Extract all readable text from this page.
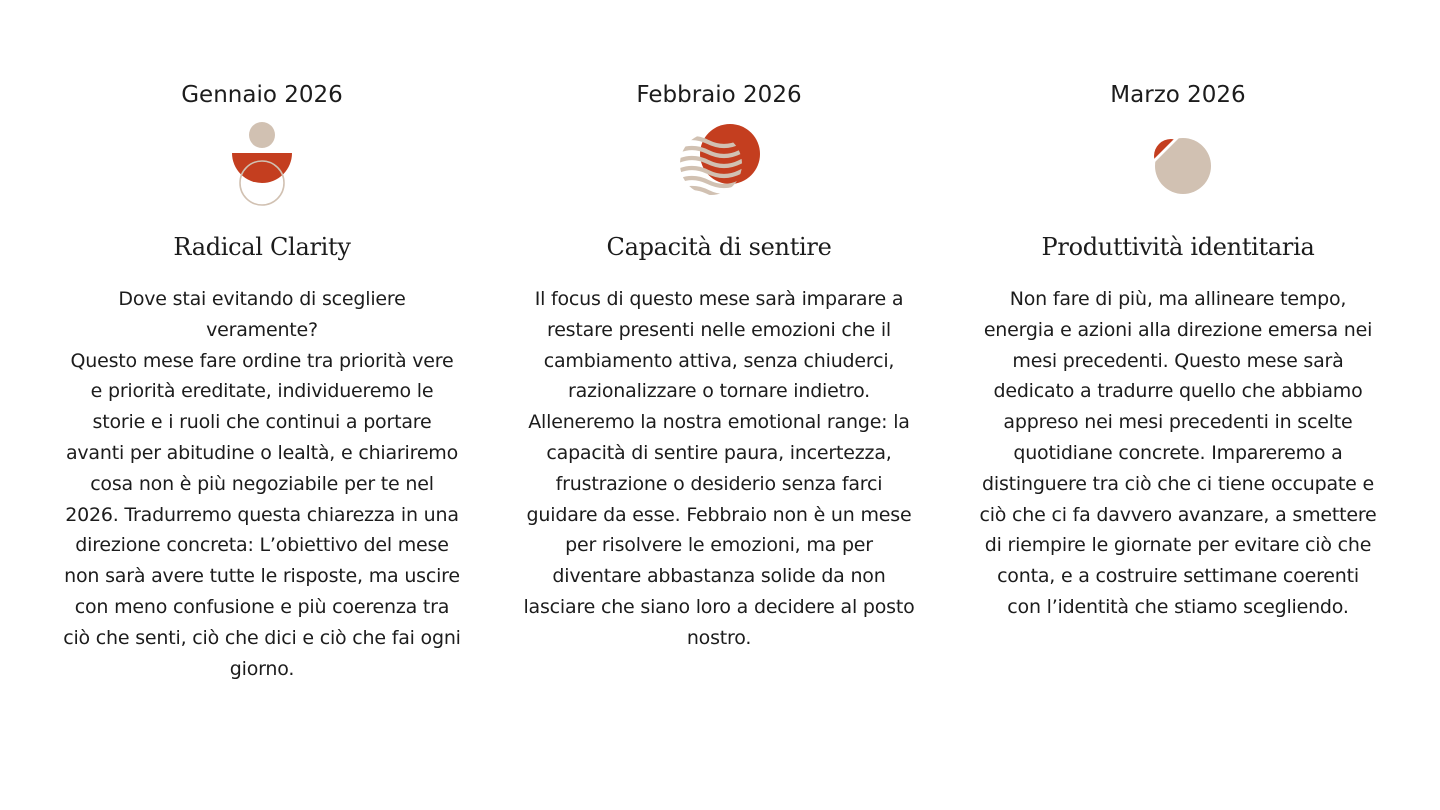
Gennaio 2026
Radical Clarity

Dove stai evitando di scegliere veramente?

Questo mese fare ordine tra priorità vere e priorità ereditate, individueremo le storie e i ruoli che continui a portare avanti per abitudine o lealtà, e chiariremo cosa non è più negoziabile per te nel 2026. Tradurremo questa chiarezza in una direzione concreta: L’obiettivo del mese non sarà avere tutte le risposte, ma uscire con meno confusione e più coerenza tra ciò che senti, ciò che dici e ciò che fai ogni giorno.

Febbraio 2026
Capacità di sentire

Il focus di questo mese sarà imparare a restare presenti nelle emozioni che il cambiamento attiva, senza chiuderci, razionalizzare o tornare indietro. Alleneremo la nostra emotional range: la capacità di sentire paura, incertezza, frustrazione o desiderio senza farci guidare da esse. Febbraio non è un mese per risolvere le emozioni, ma per diventare abbastanza solide da non lasciare che siano loro a decidere al posto nostro.

Marzo 2026
Produttività identitaria

Non fare di più, ma allineare tempo, energia e azioni alla direzione emersa nei mesi precedenti. Questo mese sarà dedicato a tradurre quello che abbiamo appreso nei mesi precedenti in scelte quotidiane concrete. Impareremo a distinguere tra ciò che ci tiene occupate e ciò che ci fa davvero avanzare, a smettere di riempire le giornate per evitare ciò che conta, e a costruire settimane coerenti con l’identità che stiamo scegliendo.
